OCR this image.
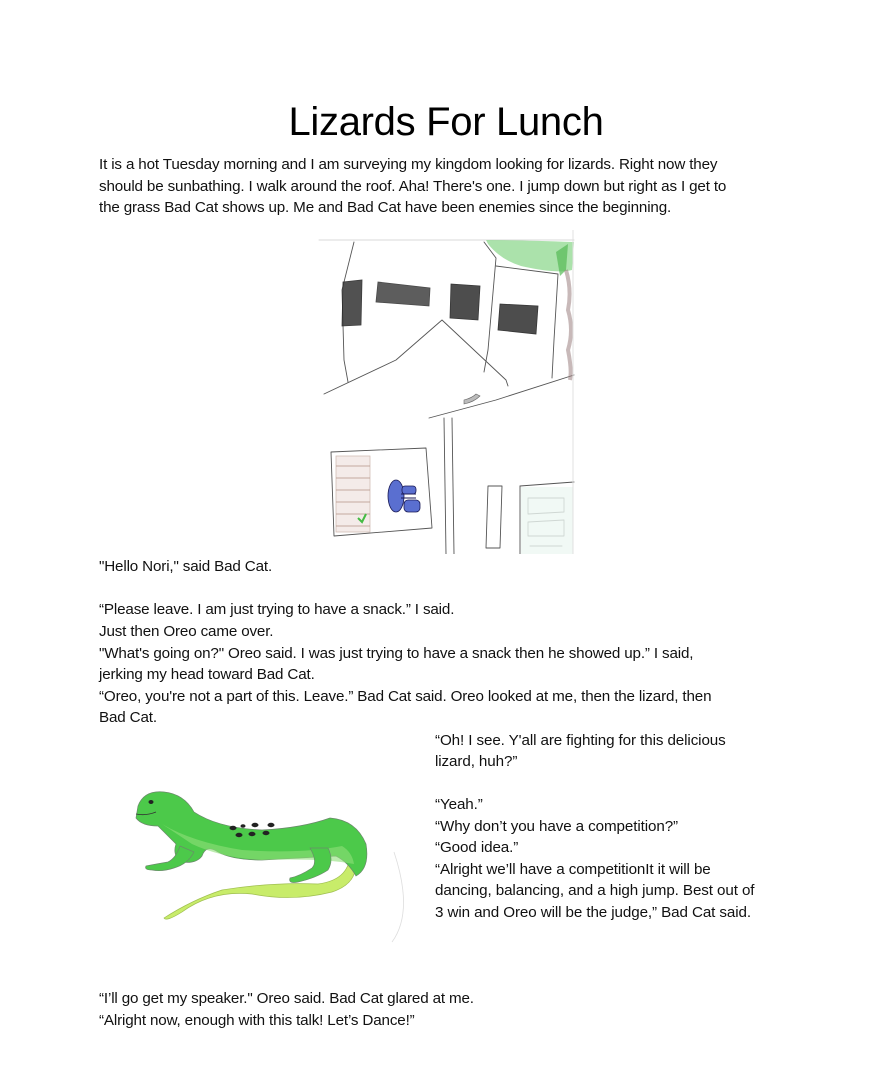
Lizards For Lunch
It is a hot Tuesday morning and I am surveying my kingdom looking for lizards. Right now they
should be sunbathing. I walk around the roof. Aha! There's one. I jump down but right as I get to
the grass Bad Cat shows up. Me and Bad Cat have been enemies since the beginning.
"Hello Nori," said Bad Cat.
“Please leave. I am just trying to have a snack.” I said.
Just then Oreo came over.
"What's going on?" Oreo said. I was just trying to have a snack then he showed up.” I said,
jerking my head toward Bad Cat.
“Oreo, you're not a part of this. Leave.” Bad Cat said. Oreo looked at me, then the lizard, then
Bad Cat.
“Oh! I see. Y'all are fighting for this delicious
lizard, huh?”
“Yeah.”
“Why don’t you have a competition?”
“Good idea.”
“Alright we’ll have a competitionIt it will be
dancing, balancing, and a high jump. Best out of
3 win and Oreo will be the judge,” Bad Cat said.
“I’ll go get my speaker." Oreo said. Bad Cat glared at me.
“Alright now, enough with this talk! Let’s Dance!”
